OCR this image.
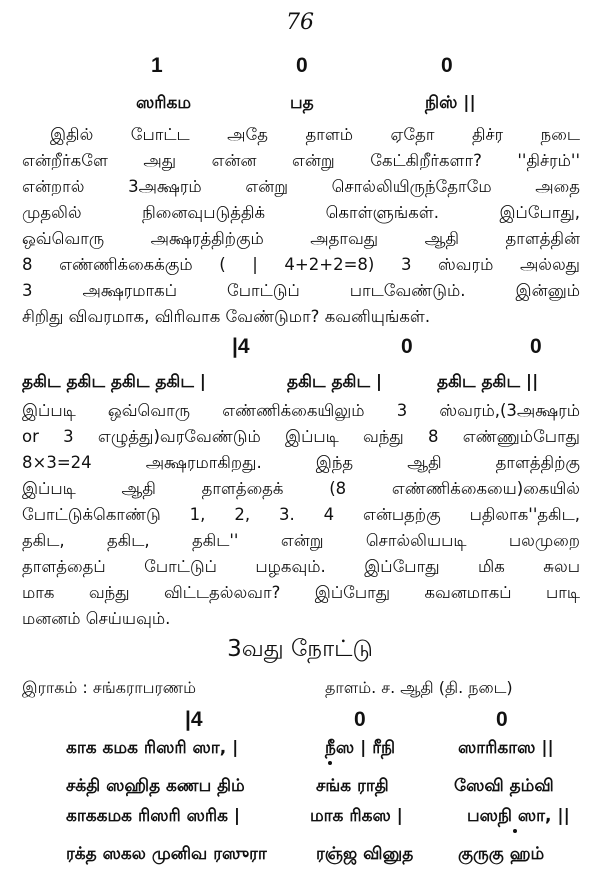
76
1	0	0
ஸரிகம	பத	நிஸ் ||
இதில் போட்ட அதே தாளம் ஏதோ திச்ர நடை
என்றீர்களே அது என்ன என்று கேட்கிறீர்களா? ''திச்ரம்''
என்றால் 3அக்ஷரம் என்று சொல்லியிருந்தோமே அதை
முதலில் நினைவுபடுத்திக் கொள்ளுங்கள். இப்போது,
ஒவ்வொரு அக்ஷரத்திற்கும் அதாவது ஆதி தாளத்தின்
8 எண்ணிக்கைக்கும் ( | 4+2+2=8) 3 ஸ்வரம் அல்லது
3 அக்ஷரமாகப் போட்டுப் பாடவேண்டும். இன்னும்
சிறிது விவரமாக, விரிவாக வேண்டுமா? கவனியுங்கள்.
|4	0	0
தகிட தகிட தகிட தகிட |	தகிட தகிட |	தகிட தகிட ||
இப்படி ஒவ்வொரு எண்ணிக்கையிலும் 3 ஸ்வரம்,(3அக்ஷரம்
or 3 எழுத்து)வரவேண்டும் இப்படி வந்து 8 எண்ணும்போது
8×3=24 அக்ஷரமாகிறது. இந்த ஆதி தாளத்திற்கு
இப்படி ஆதி தாளத்தைக் (8 எண்ணிக்கையை)கையில்
போட்டுக்கொண்டு 1, 2, 3. 4 என்பதற்கு பதிலாக''தகிட,
தகிட, தகிட, தகிட'' என்று சொல்லியபடி பலமுறை
தாளத்தைப் போட்டுப் பழகவும். இப்போது மிக சுலப
மாக வந்து விட்டதல்லவா? இப்போது கவனமாகப் பாடி
மனனம் செய்யவும்.
3வது நோட்டு
இராகம் : சங்கராபரணம்	தாளம். ச. ஆதி (தி. நடை)
|4	0	0
காக கமக ரிஸரி ஸா, |	நீஸ | ரீநி	ஸாரிகாஸ ||
சக்தி ஸஹித கணப திம்	சங்க ராதி	ஸேவி தம்வி
காககமக ரிஸரி ஸரிக |	மாக ரிகஸ |	பஸநி ஸா, ||
ரக்த ஸகல முனிவ ரஸுரா	ரஞ்ஜ வினுத	குருகு ஹம்
